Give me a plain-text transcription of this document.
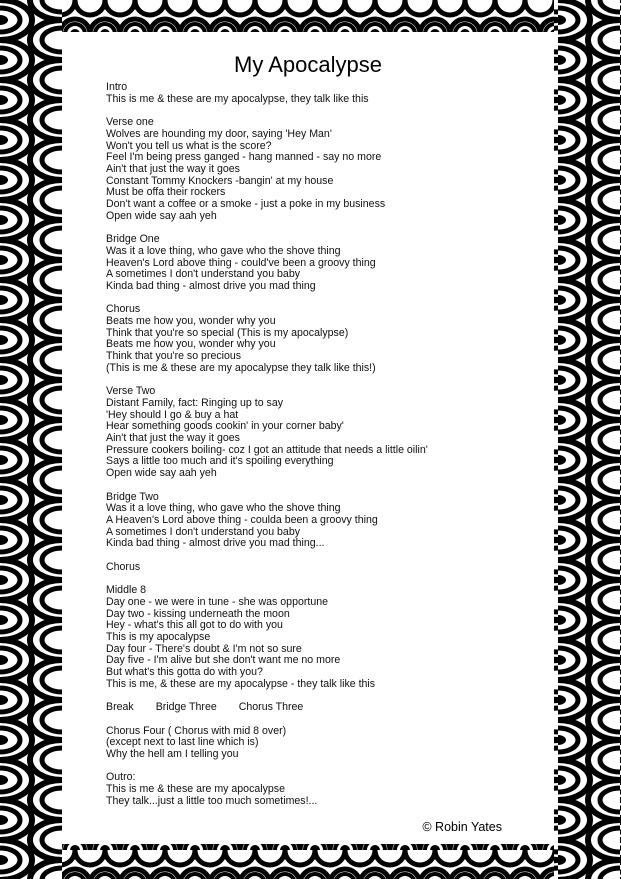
My Apocalypse
Intro
This is me & these are my apocalypse, they talk like this
Verse one
Wolves are hounding my door, saying 'Hey Man'
Won't you tell us what is the score?
Feel I'm being press ganged - hang manned - say no more
Ain't that just the way it goes
Constant Tommy Knockers -bangin' at my house
Must be offa their rockers
Don't want a coffee or a smoke - just a poke in my business
Open wide say aah yeh
Bridge One
Was it a love thing, who gave who the shove thing
Heaven's Lord above thing - could've been a groovy thing
A sometimes I don't understand you baby
Kinda bad thing - almost drive you mad thing
Chorus
Beats me how you, wonder why you
Think that you're so special (This is my apocalypse)
Beats me how you, wonder why you
Think that you're so precious
(This is me & these are my apocalypse they talk like this!)
Verse Two
Distant Family, fact: Ringing up to say
'Hey should I go & buy a hat
Hear something goods cookin' in your corner baby'
Ain't that just the way it goes
Pressure cookers boiling- coz I got an attitude that needs a little oilin'
Says a little too much and it's spoiling everything
Open wide say aah yeh
Bridge Two
Was it a love thing, who gave who the shove thing
A Heaven's Lord above thing - coulda been a groovy thing
A sometimes I don't understand you baby
Kinda bad thing - almost drive you mad thing...
Chorus
Middle 8
Day one - we were in tune - she was opportune
Day two - kissing underneath the moon
Hey - what's this all got to do with you
This is my apocalypse
Day four - There's doubt & I'm not so sure
Day five - I'm alive but she don't want me no more
But what's this gotta do with you?
This is me, & these are my apocalypse - they talk like this
Break Bridge Three Chorus Three
Chorus Four ( Chorus with mid 8 over)
(except next to last line which is)
Why the hell am I telling you
Outro:
This is me & these are my apocalypse
They talk...just a little too much sometimes!...
© Robin Yates
